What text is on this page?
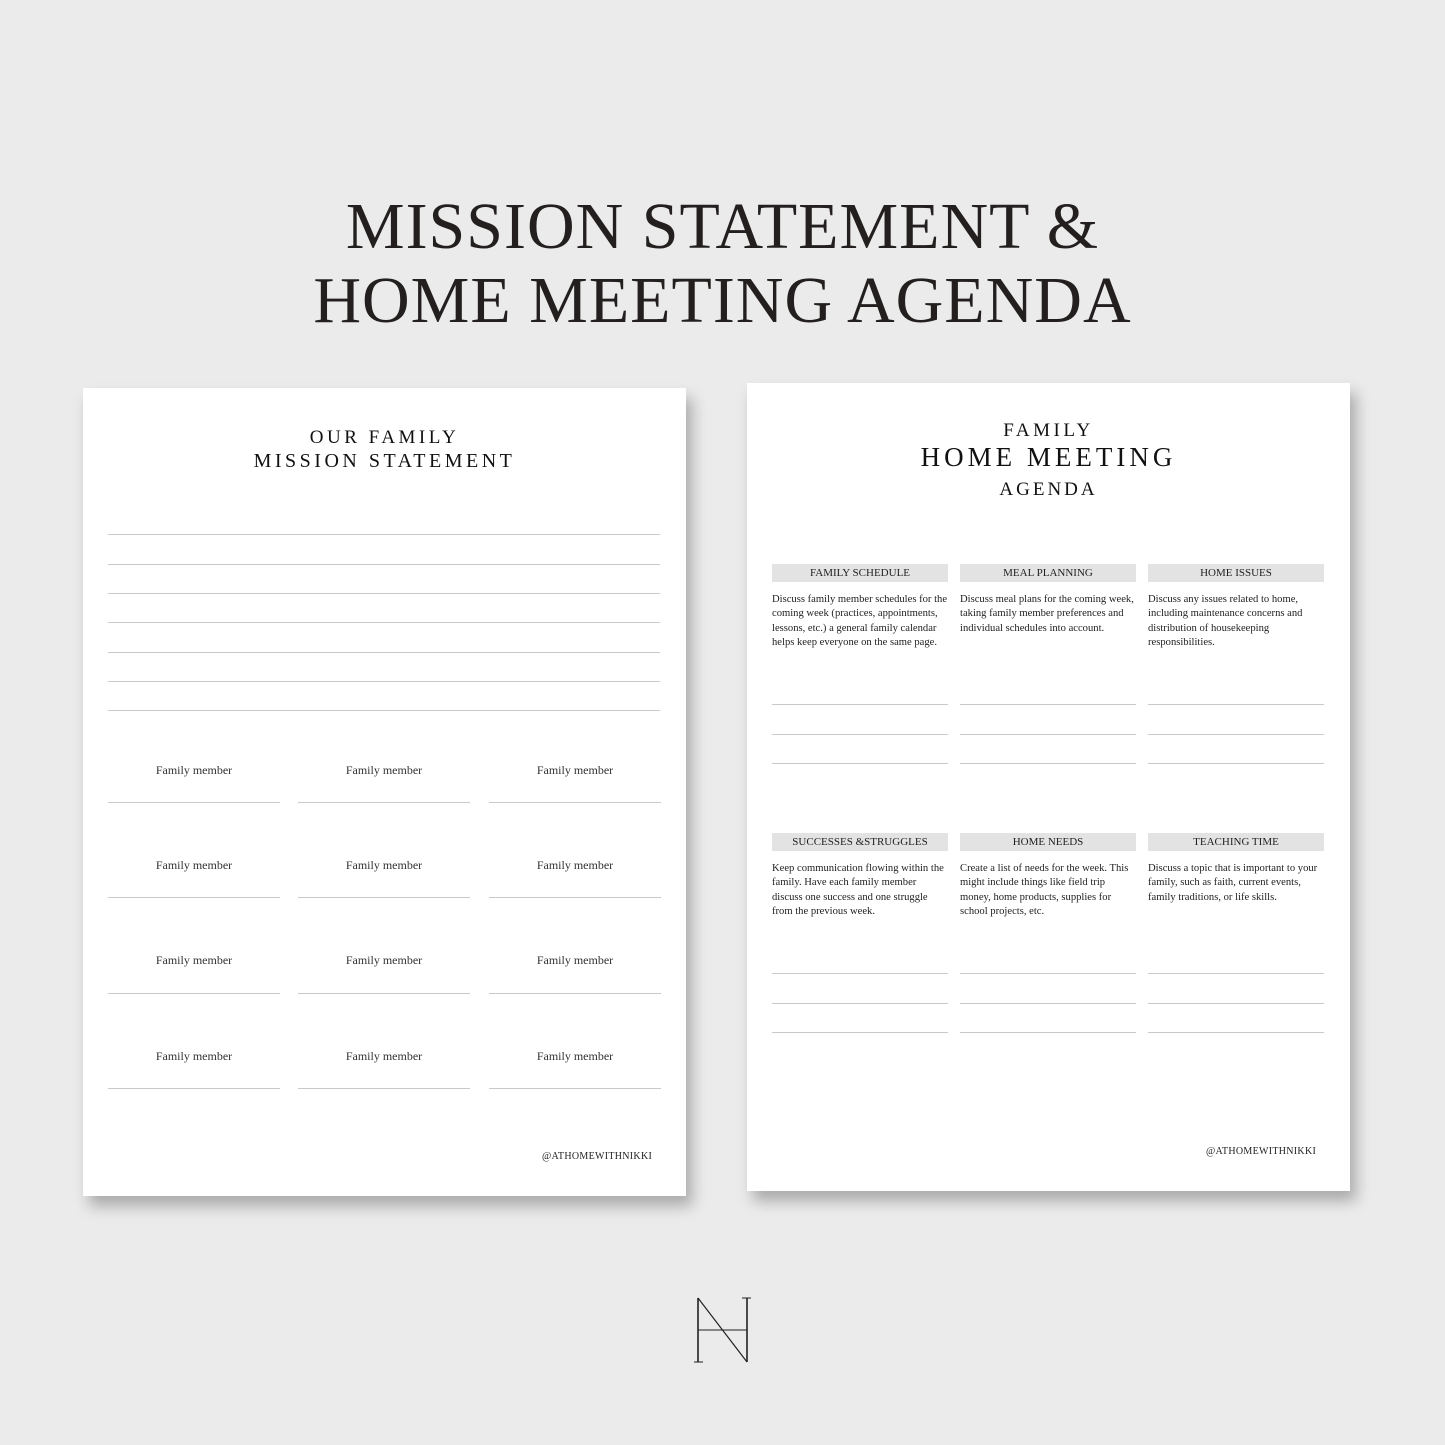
MISSION STATEMENT &
HOME MEETING AGENDA
OUR FAMILY
MISSION STATEMENT
Family member	Family member	Family member
Family member	Family member	Family member
Family member	Family member	Family member
Family member	Family member	Family member
@ATHOMEWITHNIKKI
FAMILY
HOME MEETING
AGENDA
FAMILY SCHEDULE
Discuss family member schedules for the coming week (practices, appointments, lessons, etc.) a general family calendar helps keep everyone on the same page.
MEAL PLANNING
Discuss meal plans for the coming week, taking family member preferences and individual schedules into account.
HOME ISSUES
Discuss any issues related to home, including maintenance concerns and distribution of housekeeping responsibilities.
SUCCESSES &STRUGGLES
Keep communication flowing within the family. Have each family member discuss one success and one struggle from the previous week.
HOME NEEDS
Create a list of needs for the week. This might include things like field trip money, home products, supplies for school projects, etc.
TEACHING TIME
Discuss a topic that is important to your family, such as faith, current events, family traditions, or life skills.
@ATHOMEWITHNIKKI
